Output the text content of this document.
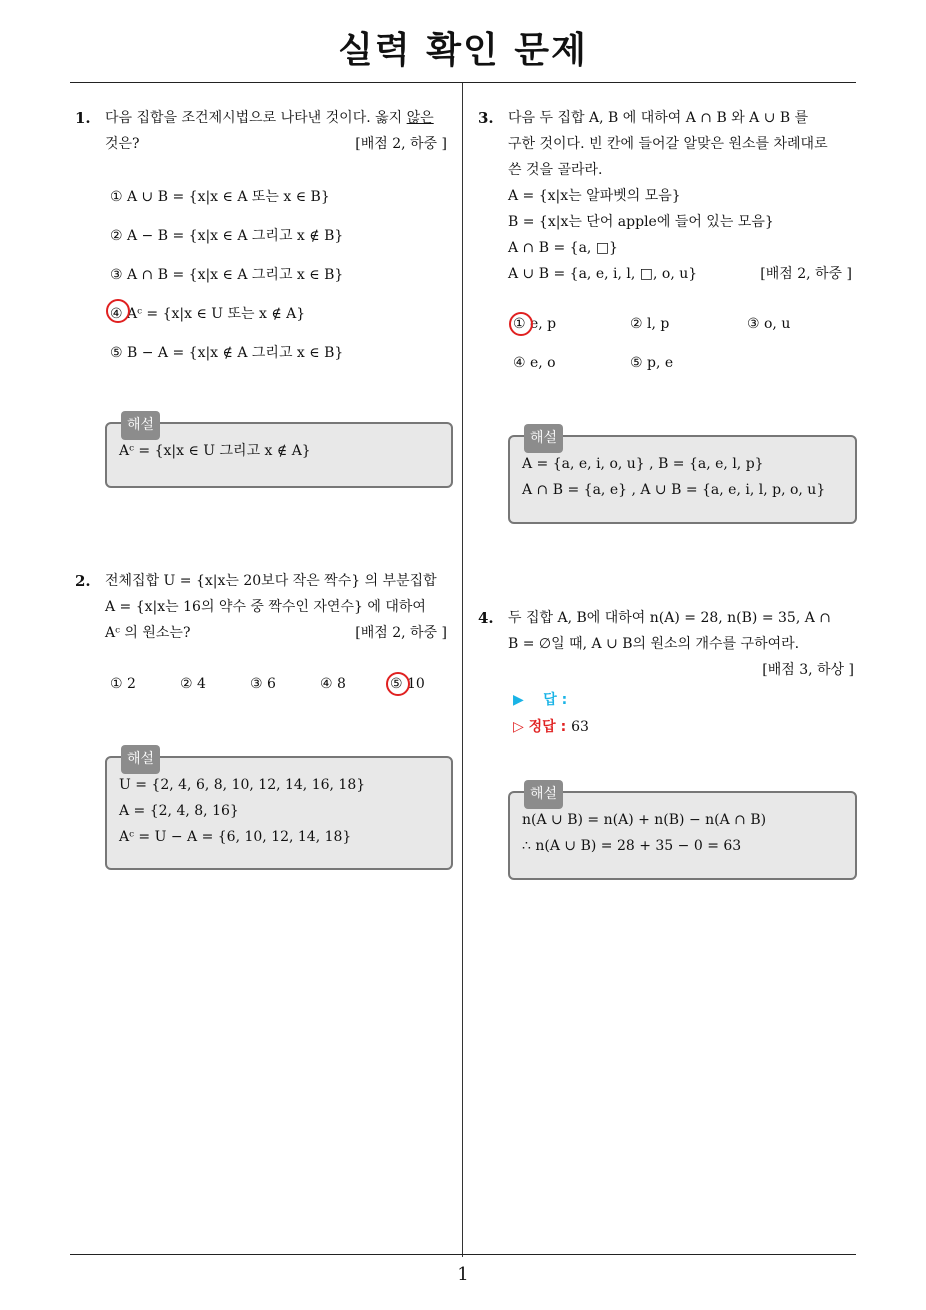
실력 확인 문제
1. 다음 집합을 조건제시법으로 나타낸 것이다. 옳지 않은
것은?	[배점 2, 하중 ]
① A ∪ B = {x|x ∈ A 또는 x ∈ B}
② A − B = {x|x ∈ A 그리고 x ∉ B}
③ A ∩ B = {x|x ∈ A 그리고 x ∈ B}
④ Aᶜ = {x|x ∈ U 또는 x ∉ A}
⑤ B − A = {x|x ∉ A 그리고 x ∈ B}
해설
Aᶜ = {x|x ∈ U 그리고 x ∉ A}
2. 전체집합 U = {x|x는 20보다 작은 짝수} 의 부분집합
A = {x|x는 16의 약수 중 짝수인 자연수} 에 대하여
Aᶜ 의 원소는?	[배점 2, 하중 ]
① 2	② 4	③ 6	④ 8	⑤ 10
해설
U = {2, 4, 6, 8, 10, 12, 14, 16, 18}
A = {2, 4, 8, 16}
Aᶜ = U − A = {6, 10, 12, 14, 18}
3. 다음 두 집합 A, B 에 대하여 A ∩ B 와 A ∪ B 를
구한 것이다. 빈 칸에 들어갈 알맞은 원소를 차례대로
쓴 것을 골라라.
A = {x|x는 알파벳의 모음}
B = {x|x는 단어 apple에 들어 있는 모음}
A ∩ B = {a, □}
A ∪ B = {a, e, i, l, □, o, u}	[배점 2, 하중 ]
① e, p	② l, p	③ o, u
④ e, o	⑤ p, e
해설
A = {a, e, i, o, u} , B = {a, e, l, p}
A ∩ B = {a, e} , A ∪ B = {a, e, i, l, p, o, u}
4. 두 집합 A, B에 대하여 n(A) = 28, n(B) = 35, A ∩
B = ∅일 때, A ∪ B의 원소의 개수를 구하여라.
[배점 3, 하상 ]
▶ 답 :
▷ 정답 : 63
해설
n(A ∪ B) = n(A) + n(B) − n(A ∩ B)
∴ n(A ∪ B) = 28 + 35 − 0 = 63
1
